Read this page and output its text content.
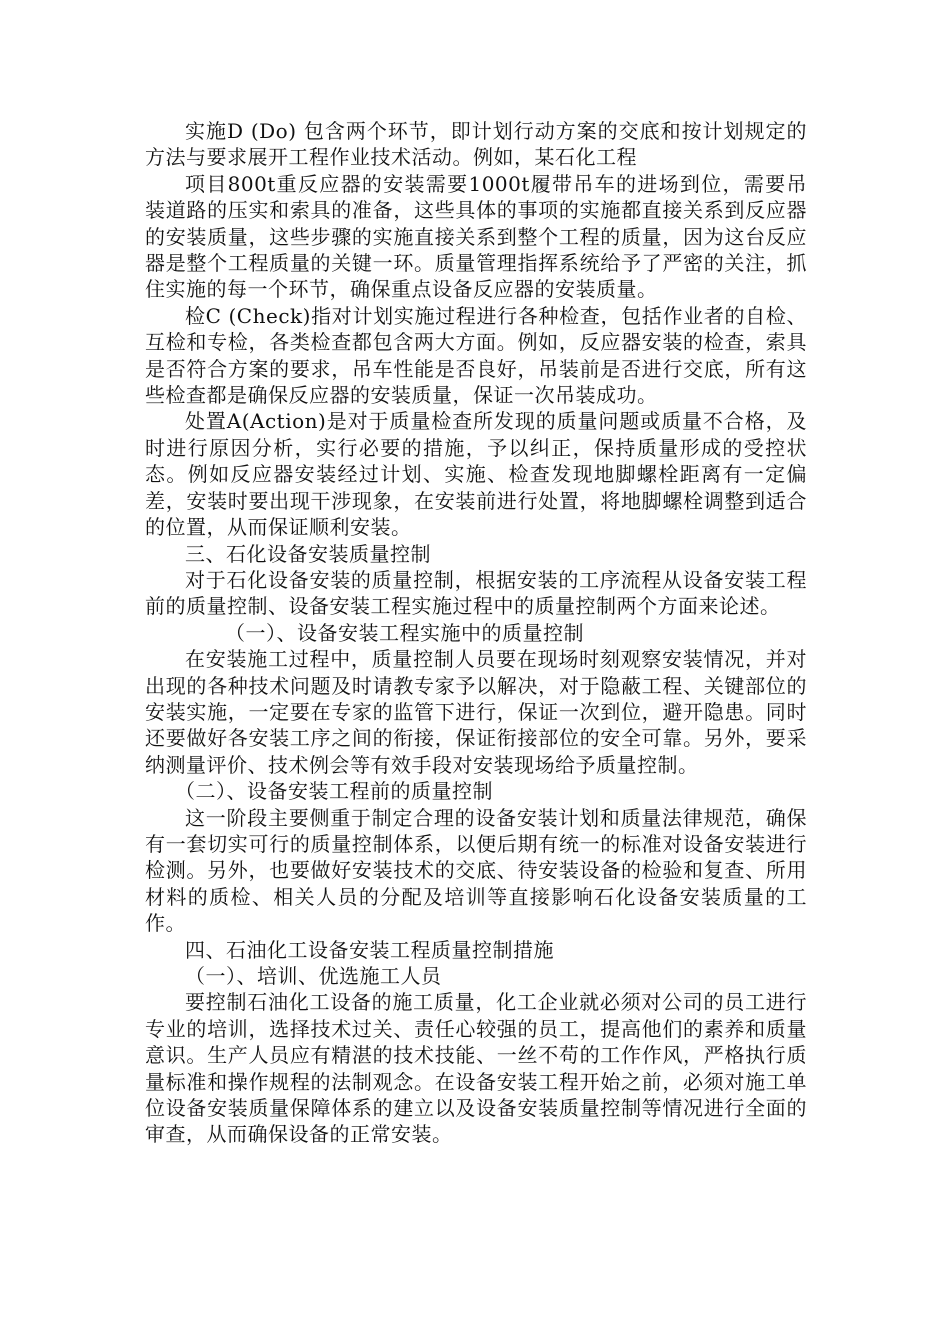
实施D (Do) 包含两个环节，即计划行动方案的交底和按计划规定的方法与要求展开工程作业技术活动。例如，某石化工程

项目800t重反应器的安装需要1000t履带吊车的进场到位，需要吊装道路的压实和索具的准备，这些具体的事项的实施都直接关系到反应器的安装质量，这些步骤的实施直接关系到整个工程的质量，因为这台反应器是整个工程质量的关键一环。质量管理指挥系统给予了严密的关注，抓住实施的每一个环节，确保重点设备反应器的安装质量。

检C (Check)指对计划实施过程进行各种检查，包括作业者的自检、互检和专检，各类检查都包含两大方面。例如，反应器安装的检查，索具是否符合方案的要求，吊车性能是否良好，吊装前是否进行交底，所有这些检查都是确保反应器的安装质量，保证一次吊装成功。

处置A(Action)是对于质量检查所发现的质量问题或质量不合格，及时进行原因分析，实行必要的措施，予以纠正，保持质量形成的受控状态。例如反应器安装经过计划、实施、检查发现地脚螺栓距离有一定偏差，安装时要出现干涉现象，在安装前进行处置，将地脚螺栓调整到适合的位置，从而保证顺利安装。

三、石化设备安装质量控制

对于石化设备安装的质量控制，根据安装的工序流程从设备安装工程前的质量控制、设备安装工程实施过程中的质量控制两个方面来论述。

（一）、设备安装工程实施中的质量控制

在安装施工过程中，质量控制人员要在现场时刻观察安装情况，并对出现的各种技术问题及时请教专家予以解决，对于隐蔽工程、关键部位的安装实施，一定要在专家的监管下进行，保证一次到位，避开隐患。同时还要做好各安装工序之间的衔接，保证衔接部位的安全可靠。另外，要采纳测量评价、技术例会等有效手段对安装现场给予质量控制。

（二）、设备安装工程前的质量控制

这一阶段主要侧重于制定合理的设备安装计划和质量法律规范，确保有一套切实可行的质量控制体系，以便后期有统一的标准对设备安装进行检测。另外，也要做好安装技术的交底、待安装设备的检验和复查、所用材料的质检、相关人员的分配及培训等直接影响石化设备安装质量的工作。

四、石油化工设备安装工程质量控制措施

（一）、培训、优选施工人员

要控制石油化工设备的施工质量，化工企业就必须对公司的员工进行专业的培训，选择技术过关、责任心较强的员工，提高他们的素养和质量意识。生产人员应有精湛的技术技能、一丝不苟的工作作风，严格执行质量标准和操作规程的法制观念。在设备安装工程开始之前，必须对施工单位设备安装质量保障体系的建立以及设备安装质量控制等情况进行全面的审查，从而确保设备的正常安装。
